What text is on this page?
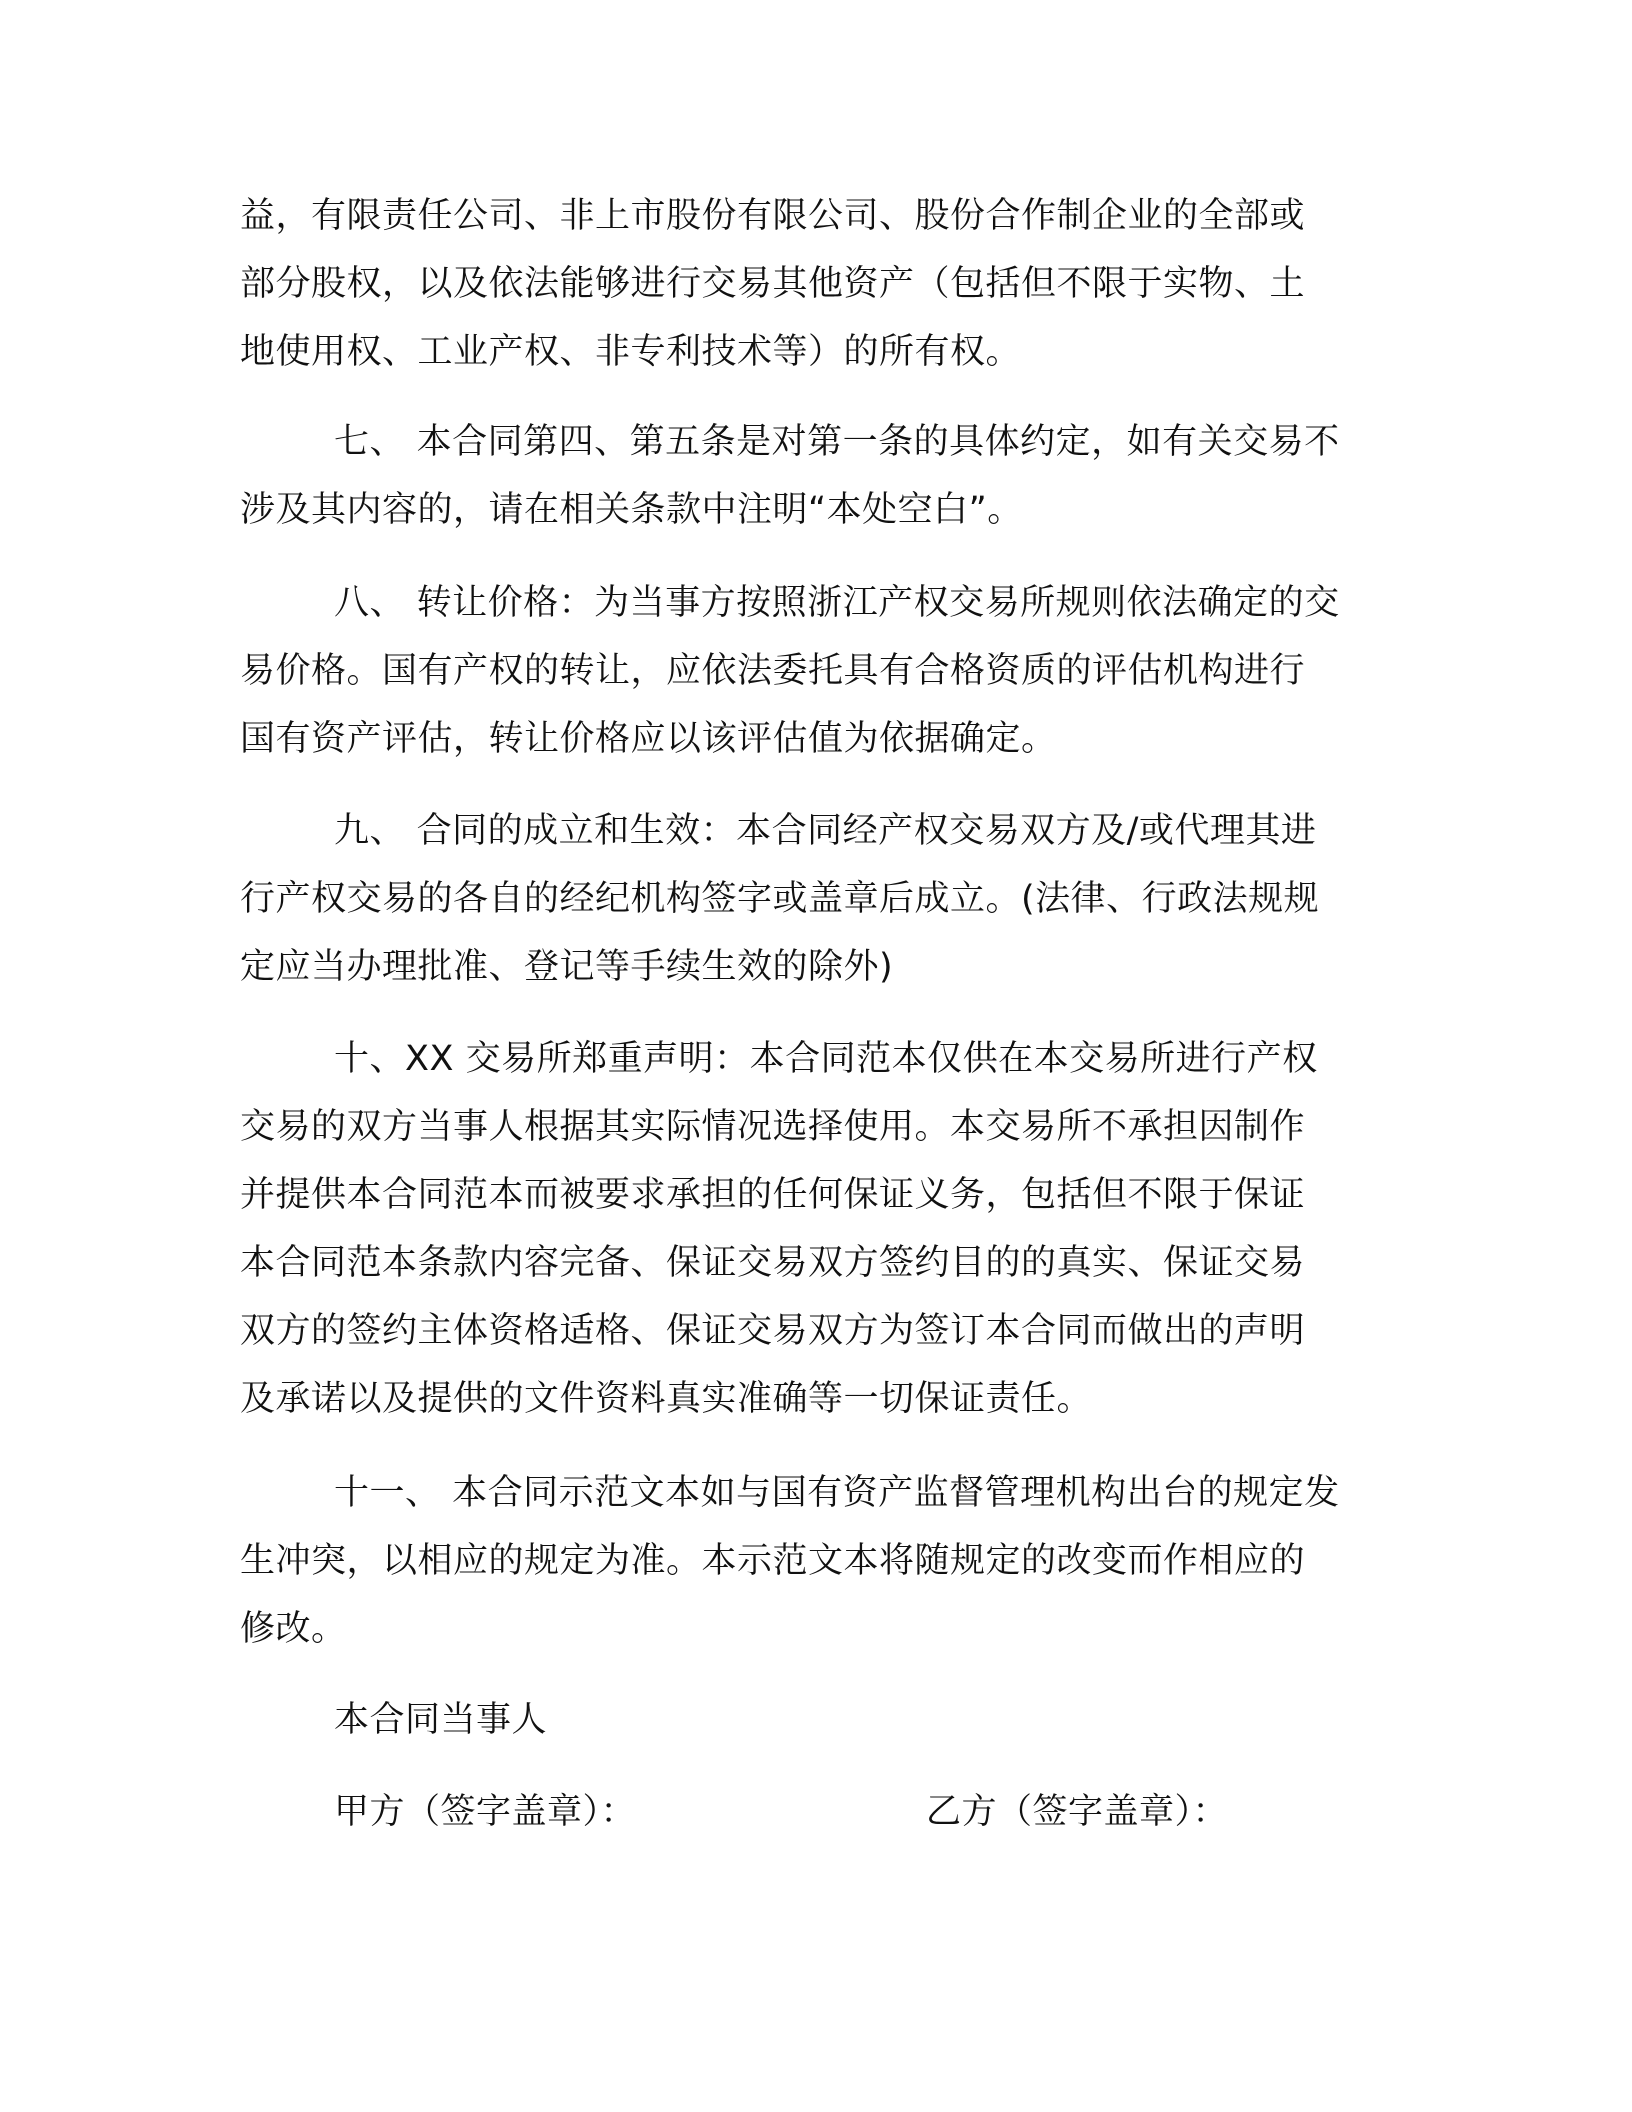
益，有限责任公司、非上市股份有限公司、股份合作制企业的全部或
部分股权，以及依法能够进行交易其他资产（包括但不限于实物、土
地使用权、工业产权、非专利技术等）的所有权。
七、 本合同第四、第五条是对第一条的具体约定，如有关交易不
涉及其内容的，请在相关条款中注明“本处空白”。
八、 转让价格：为当事方按照浙江产权交易所规则依法确定的交
易价格。国有产权的转让，应依法委托具有合格资质的评估机构进行
国有资产评估，转让价格应以该评估值为依据确定。
九、 合同的成立和生效：本合同经产权交易双方及/或代理其进
行产权交易的各自的经纪机构签字或盖章后成立。(法律、行政法规规
定应当办理批准、登记等手续生效的除外)
十、XX 交易所郑重声明：本合同范本仅供在本交易所进行产权
交易的双方当事人根据其实际情况选择使用。本交易所不承担因制作
并提供本合同范本而被要求承担的任何保证义务，包括但不限于保证
本合同范本条款内容完备、保证交易双方签约目的的真实、保证交易
双方的签约主体资格适格、保证交易双方为签订本合同而做出的声明
及承诺以及提供的文件资料真实准确等一切保证责任。
十一、 本合同示范文本如与国有资产监督管理机构出台的规定发
生冲突，以相应的规定为准。本示范文本将随规定的改变而作相应的
修改。
本合同当事人
甲方（签字盖章）：	乙方（签字盖章）：
